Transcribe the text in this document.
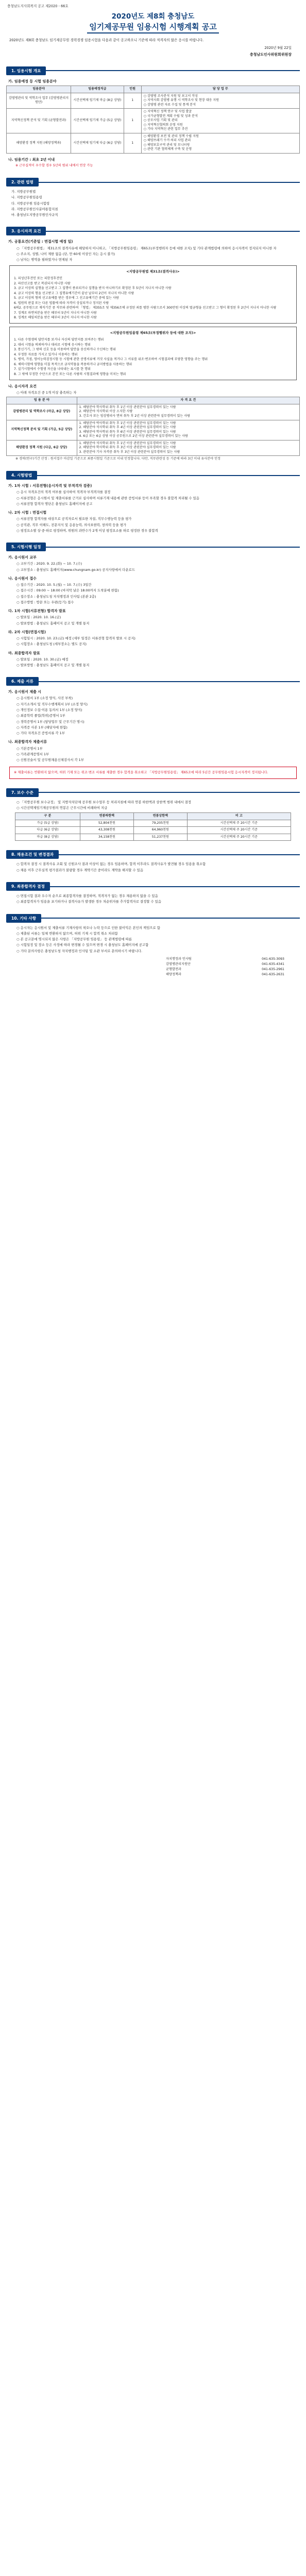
충청남도지사회복지 공고 제2020 - 66호
2020년도 제8회 충청남도
임기제공무원 임용시험 시행계획 공고
2020년도 제8회 충청남도 임기제공무원 경력경쟁 임용시험을 다음과 같이 공고하오니 기준에 따라 적격자의 많은 응시를 바랍니다.
2020년 9월 22일
충청남도인사위원회위원장
1. 임용시험 개요
가. 임용예정 등 시험 임용분야
임용분야	임용예정직급	인원	담 당 업 무
감염병관리 및 역학조사 업무 (감염병관리지원단)	시간선택제 임기제 마급 (8급 상당)	1	○ 감염병 조사분석 지원 및 보고서 작성
○ 지역사회 감염병 유행 시 역학조사 및 현장 대응 지원
○ 감염병 관련 자료 수집 및 통계 분석
지역혁신정책 분석 및 기획 (균형발전과)	시간선택제 임기제 가급 (5급 상당)	1	○ 지역혁신 정책 연구 및 사업 발굴
○ 국가균형발전 계획 수립 및 성과 분석
○ 공모사업 기획 및 관리
○ 지역혁신협의회 운영 지원
○ 기타 지역혁신 관련 업무 추진
해양환경 정책 지원 (해양정책과)	시간선택제 임기제 다급 (6급 상당)	1	○ 해양환경 보전 및 관리 정책 수립 지원
○ 해양쓰레기 수거·처리 사업 관리
○ 해양보호구역 관리 및 모니터링
○ 관련 기관 협력체계 구축 및 운영
나. 임용기간 : 최초 2년 이내
※ 근무실적이 우수할 경우 5년의 범위 내에서 연장 가능
2. 관련 법령
가. 지방공무원법
나. 지방공무원임용령
다. 지방공무원 임용시험령
라. 지방공무원인사분야통합지침
마. 충청남도지방공무원인사규칙
3. 응시자격 요건
가. 공통요건(기준일 : 면접시험 예정 일)
○ 「지방공무원법」 제31조의 결격사유에 해당하지 아니하고, 「지방공무원임용령」 제65조(부정행위자 등에 대한 조치) 및 기타 관계법령에 의하여 응시자격이 정지되지 아니한 자
○ 주소지, 성별, 나이 제한 없음 (단, 만 60세 이상인 자는 응시 불가)
○ 남자는 병역을 필하였거나 면제된 자
<지방공무원법 제31조(결격사유)>
1. 피성년후견인 또는 피한정후견인
2. 파산선고를 받고 복권되지 아니한 사람
3. 금고 이상의 실형을 선고받고 그 집행이 종료되거나 집행을 받지 아니하기로 확정된 후 5년이 지나지 아니한 사람
4. 금고 이상의 형을 선고받고 그 집행유예기간이 끝난 날부터 2년이 지나지 아니한 사람
5. 금고 이상의 형의 선고유예를 받은 경우에 그 선고유예기간 중에 있는 사람
6. 법원의 판결 또는 다른 법률에 따라 자격이 상실되거나 정지된 사람
6의2. 공무원으로 재직기간 중 직무와 관련하여 「형법」 제355조 및 제356조에 규정된 죄를 범한 사람으로서 300만원 이상의 벌금형을 선고받고 그 형이 확정된 후 2년이 지나지 아니한 사람
7. 징계로 파면처분을 받은 때부터 5년이 지나지 아니한 사람
8. 징계로 해임처분을 받은 때부터 3년이 지나지 아니한 사람
<지방공무원임용령 제65조(부정행위자 등에 대한 조치)>
1. 다른 수험생의 답안지를 보거나 자신의 답안지를 보여주는 행위
2. 대리 시험을 의뢰하거나 대리로 시험에 응시하는 행위
3. 통신기기, 그 밖의 신호 등을 이용하여 답안을 송신하거나 수신하는 행위
4. 부정한 자료를 가지고 있거나 이용하는 행위
5. 병역, 가점, 영어능력검정시험 등 시험에 관한 증명서류에 거짓 사실을 적거나 그 서류를 위조·변조하여 시험결과에 부당한 영향을 주는 행위
6. 체력시험에 영향을 미칠 목적으로 금지약물을 복용하거나 금지방법을 사용하는 행위
7. 실기시험에서 수험생 자신을 나타내는 표시를 한 행위
8. 그 밖에 부정한 수단으로 본인 또는 다른 사람의 시험결과에 영향을 미치는 행위
나. 응시자격 요건
○ 아래 자격요건 중 1개 이상 충족하는 자
임 용 분 야	자 격 요 건
감염병관리 및 역학조사 (마급, 8급 상당)	1. 해당분야 학사학위 취득 후 1년 이상 관련분야 실무경력이 있는 사람
2. 해당분야 석사학위 이상 소지한 사람
3. 간호사 또는 임상병리사 면허 취득 후 2년 이상 관련분야 실무경력이 있는 사람
지역혁신정책 분석 및 기획 (가급, 5급 상당)	1. 해당분야 박사학위 취득 후 1년 이상 관련분야 실무경력이 있는 사람
2. 해당분야 석사학위 취득 후 4년 이상 관련분야 실무경력이 있는 사람
3. 해당분야 학사학위 취득 후 6년 이상 관련분야 실무경력이 있는 사람
4. 6급 또는 6급 상당 이상 공무원으로 2년 이상 관련분야 실무경력이 있는 사람
해양환경 정책 지원 (다급, 6급 상당)	1. 해당분야 석사학위 취득 후 1년 이상 관련분야 실무경력이 있는 사람
2. 해당분야 학사학위 취득 후 3년 이상 관련분야 실무경력이 있는 사람
3. 관련분야 기사 자격증 취득 후 3년 이상 관련분야 실무경력이 있는 사람
※ 경력(연구)기간 산정 : 원서접수 마감일 기준으로 최종시험일 기준으로 이내 인정합니다. 다만, 직무관련성 등 기준에 따라 3년 이내 유사분야 인정
4. 시험방법
가. 1차 시험 : 서류전형(응시자격 및 부적격자 검증)
○ 응시 자격요건의 적격 여부를 심사하여 적격자·부적격자를 결정
○ 서류전형은 응시원서 및 제출서류를 근거로 심사하며 서류기재 내용에 관한 증빙서류 등이 부족할 경우 불합격 처리될 수 있음
○ 서류전형 합격자 명단은 충청남도 홈페이지에 공고
나. 2차 시험 : 면접시험
○ 서류전형 합격자를 대상으로 공직자로서 필요한 자질, 직무수행능력 등을 평가
○ 공직관, 직무 이해도, 전문지식 및 응용능력, 의사표현력, 창의력 등을 평가
○ 평정요소별 상·중·하로 평정하며, 위원의 과반수가 2개 이상 평정요소를 하로 평정한 경우 불합격
5. 시험시행 일정
가. 응시원서 교부
○ 교부기간 : 2020. 9. 22.(화) ~ 10. 7.(수)
○ 교부장소 : 충청남도 홈페이지(www.chungnam.go.kr) 공지사항에서 다운로드
나. 응시원서 접수
○ 접수기간 : 2020. 10. 5.(월) ~ 10. 7.(수) 3일간
○ 접수시간 : 09:00 ~ 18:00 (마지막 날은 18:00까지 도착분에 한함)
○ 접수장소 : 충청남도청 자치행정과 인사팀 (본관 2층)
○ 접수방법 : 방문 또는 우편(등기) 접수
다. 1차 시험(서류전형) 합격자 발표
○ 발표일 : 2020. 10. 16.(금)
○ 발표방법 : 충청남도 홈페이지 공고 및 개별 통지
라. 2차 시험(면접시험)
○ 시험일시 : 2020. 10. 23.(금) 예정 (세부 일정은 서류전형 합격자 발표 시 공지)
○ 시험장소 : 충청남도청 (세부장소는 별도 공지)
마. 최종합격자 발표
○ 발표일 : 2020. 10. 30.(금) 예정
○ 발표방법 : 충청남도 홈페이지 공고 및 개별 통지
6. 제출 서류
가. 응시원서 제출 시
○ 응시원서 1부 (소정 양식, 사진 부착)
○ 자기소개서 및 직무수행계획서 1부 (소정 양식)
○ 개인정보 수집·이용 동의서 1부 (소정 양식)
○ 최종학력 졸업(학위)증명서 1부
○ 경력증명서 1부 (담당업무 및 근무기간 명시)
○ 자격증 사본 1부 (해당자에 한함)
○ 기타 자격요건 증빙서류 각 1부
나. 최종합격자 제출서류
○ 기본증명서 1부
○ 가족관계증명서 1부
○ 신원진술서 및 공무원채용신체검사서 각 1부
※ 제출서류는 반환하지 않으며, 허위 기재 또는 위조·변조 서류를 제출한 경우 합격을 취소하고 「지방공무원임용령」 제65조에 따라 5년간 공무원임용시험 응시자격이 정지됩니다.
7. 보수 수준
○ 「지방공무원 보수규정」 및 지방자치단체 공무원 보수업무 등 처리지침에 따라 연봉 하한액과 상한액 범위 내에서 결정
○ 시간선택제임기제공무원의 연봉은 근무시간에 비례하여 지급
구 분	연봉하한액	연봉상한액	비 고
가급 (5급 상당)	52,804천원	79,205천원	시간선택제 주 20시간 기준
다급 (6급 상당)	43,308천원	64,960천원	시간선택제 주 20시간 기준
마급 (8급 상당)	34,158천원	51,237천원	시간선택제 주 20시간 기준
8. 채용조건 및 변경결과
○ 합격자 결정 시 결격사유 조회 및 신원조사 결과 이상이 없는 경우 임용하며, 합격 이후라도 결격사유가 발견될 경우 임용을 취소함
○ 채용 이후 근무실적 평가결과가 불량할 경우 계약기간 중이라도 계약을 해지할 수 있음
9. 최종합격자 결정
○ 면접시험 결과 우수자 순으로 최종합격자를 결정하며, 적격자가 없는 경우 채용하지 않을 수 있음
○ 최종합격자가 임용을 포기하거나 결격사유가 발생한 경우 차순위자를 추가합격자로 결정할 수 있음
10. 기타 사항
○ 응시자는 응시원서 및 제출서류 기재사항의 착오나 누락 등으로 인한 불이익은 본인의 책임으로 함
○ 제출된 서류는 일체 반환하지 않으며, 허위 기재 시 합격 취소 처리함
○ 본 공고문에 명시되지 않은 사항은 「지방공무원 임용령」 등 관계법령에 따름
○ 시험일정 및 장소 등은 사정에 따라 변경될 수 있으며 변경 시 충청남도 홈페이지에 공고함
○ 기타 문의사항은 충청남도청 자치행정과 인사팀 및 소관 부서로 문의하시기 바랍니다.
자치행정과 인사팀	041-635-3093
감염병관리지원단	041-635-4341
균형발전과	041-635-2961
해양정책과	041-635-2631
